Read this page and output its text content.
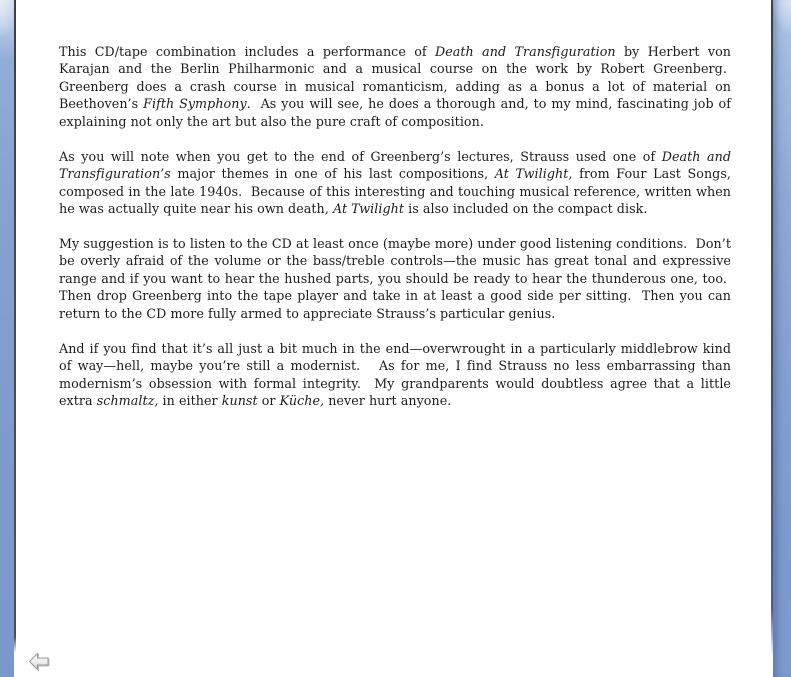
This CD/tape combination includes a performance of Death and Transfiguration by Herbert von Karajan and the Berlin Philharmonic and a musical course on the work by Robert Greenberg.  Greenberg does a crash course in musical romanticism, adding as a bonus a lot of material on Beethoven’s Fifth Symphony.  As you will see, he does a thorough and, to my mind, fascinating job of explaining not only the art but also the pure craft of composition.

As you will note when you get to the end of Greenberg’s lectures, Strauss used one of Death and Transfiguration’s major themes in one of his last compositions, At Twilight, from Four Last Songs, composed in the late 1940s.  Because of this interesting and touching musical reference, written when he was actually quite near his own death, At Twilight is also included on the compact disk.

My suggestion is to listen to the CD at least once (maybe more) under good listening conditions.  Don’t be overly afraid of the volume or the bass/treble controls—the music has great tonal and expressive range and if you want to hear the hushed parts, you should be ready to hear the thunderous one, too.  Then drop Greenberg into the tape player and take in at least a good side per sitting.  Then you can return to the CD more fully armed to appreciate Strauss’s particular genius.

And if you find that it’s all just a bit much in the end—overwrought in a particularly middlebrow kind of way—hell, maybe you’re still a modernist.   As for me, I find Strauss no less embarrassing than modernism’s obsession with formal integrity.  My grandparents would doubtless agree that a little extra schmaltz, in either kunst or Küche, never hurt anyone.
